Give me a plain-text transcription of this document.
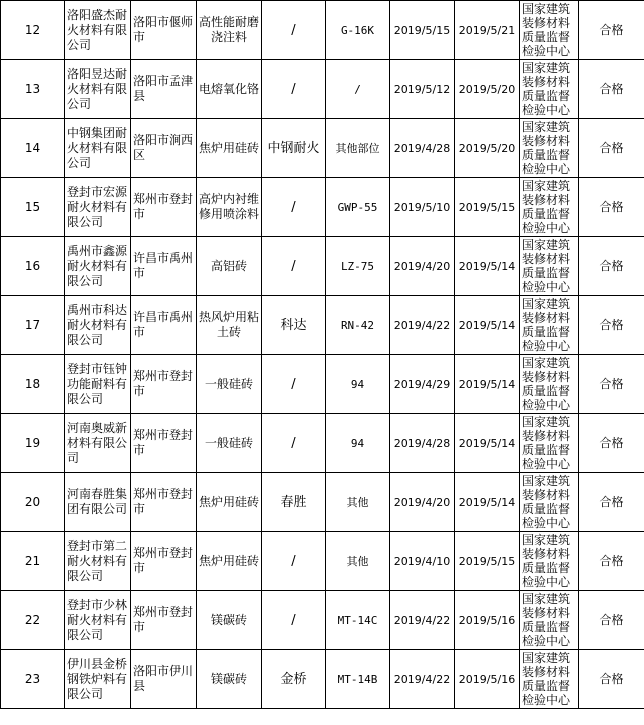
12	洛阳盛杰耐火材料有限公司	洛阳市偃师市	高性能耐磨浇注料	/	G-16K	2019/5/15	2019/5/21	国家建筑装修材料质量监督检验中心	合格
13	洛阳昱达耐火材料有限公司	洛阳市孟津县	电熔氧化铬	/	/	2019/5/12	2019/5/20	国家建筑装修材料质量监督检验中心	合格
14	中钢集团耐火材料有限公司	洛阳市涧西区	焦炉用硅砖	中钢耐火	其他部位	2019/4/28	2019/5/20	国家建筑装修材料质量监督检验中心	合格
15	登封市宏源耐火材料有限公司	郑州市登封市	高炉内衬维修用喷涂料	/	GWP-55	2019/5/10	2019/5/15	国家建筑装修材料质量监督检验中心	合格
16	禹州市鑫源耐火材料有限公司	许昌市禹州市	高铝砖	/	LZ-75	2019/4/20	2019/5/14	国家建筑装修材料质量监督检验中心	合格
17	禹州市科达耐火材料有限公司	许昌市禹州市	热风炉用粘土砖	科达	RN-42	2019/4/22	2019/5/14	国家建筑装修材料质量监督检验中心	合格
18	登封市钰钟功能耐料有限公司	郑州市登封市	一般硅砖	/	94	2019/4/29	2019/5/14	国家建筑装修材料质量监督检验中心	合格
19	河南奥威新材料有限公司	郑州市登封市	一般硅砖	/	94	2019/4/28	2019/5/14	国家建筑装修材料质量监督检验中心	合格
20	河南春胜集团有限公司	郑州市登封市	焦炉用硅砖	春胜	其他	2019/4/20	2019/5/14	国家建筑装修材料质量监督检验中心	合格
21	登封市第二耐火材料有限公司	郑州市登封市	焦炉用硅砖	/	其他	2019/4/10	2019/5/15	国家建筑装修材料质量监督检验中心	合格
22	登封市少林耐火材料有限公司	郑州市登封市	镁碳砖	/	MT-14C	2019/4/22	2019/5/16	国家建筑装修材料质量监督检验中心	合格
23	伊川县金桥钢铁炉料有限公司	洛阳市伊川县	镁碳砖	金桥	MT-14B	2019/4/22	2019/5/16	国家建筑装修材料质量监督检验中心	合格
